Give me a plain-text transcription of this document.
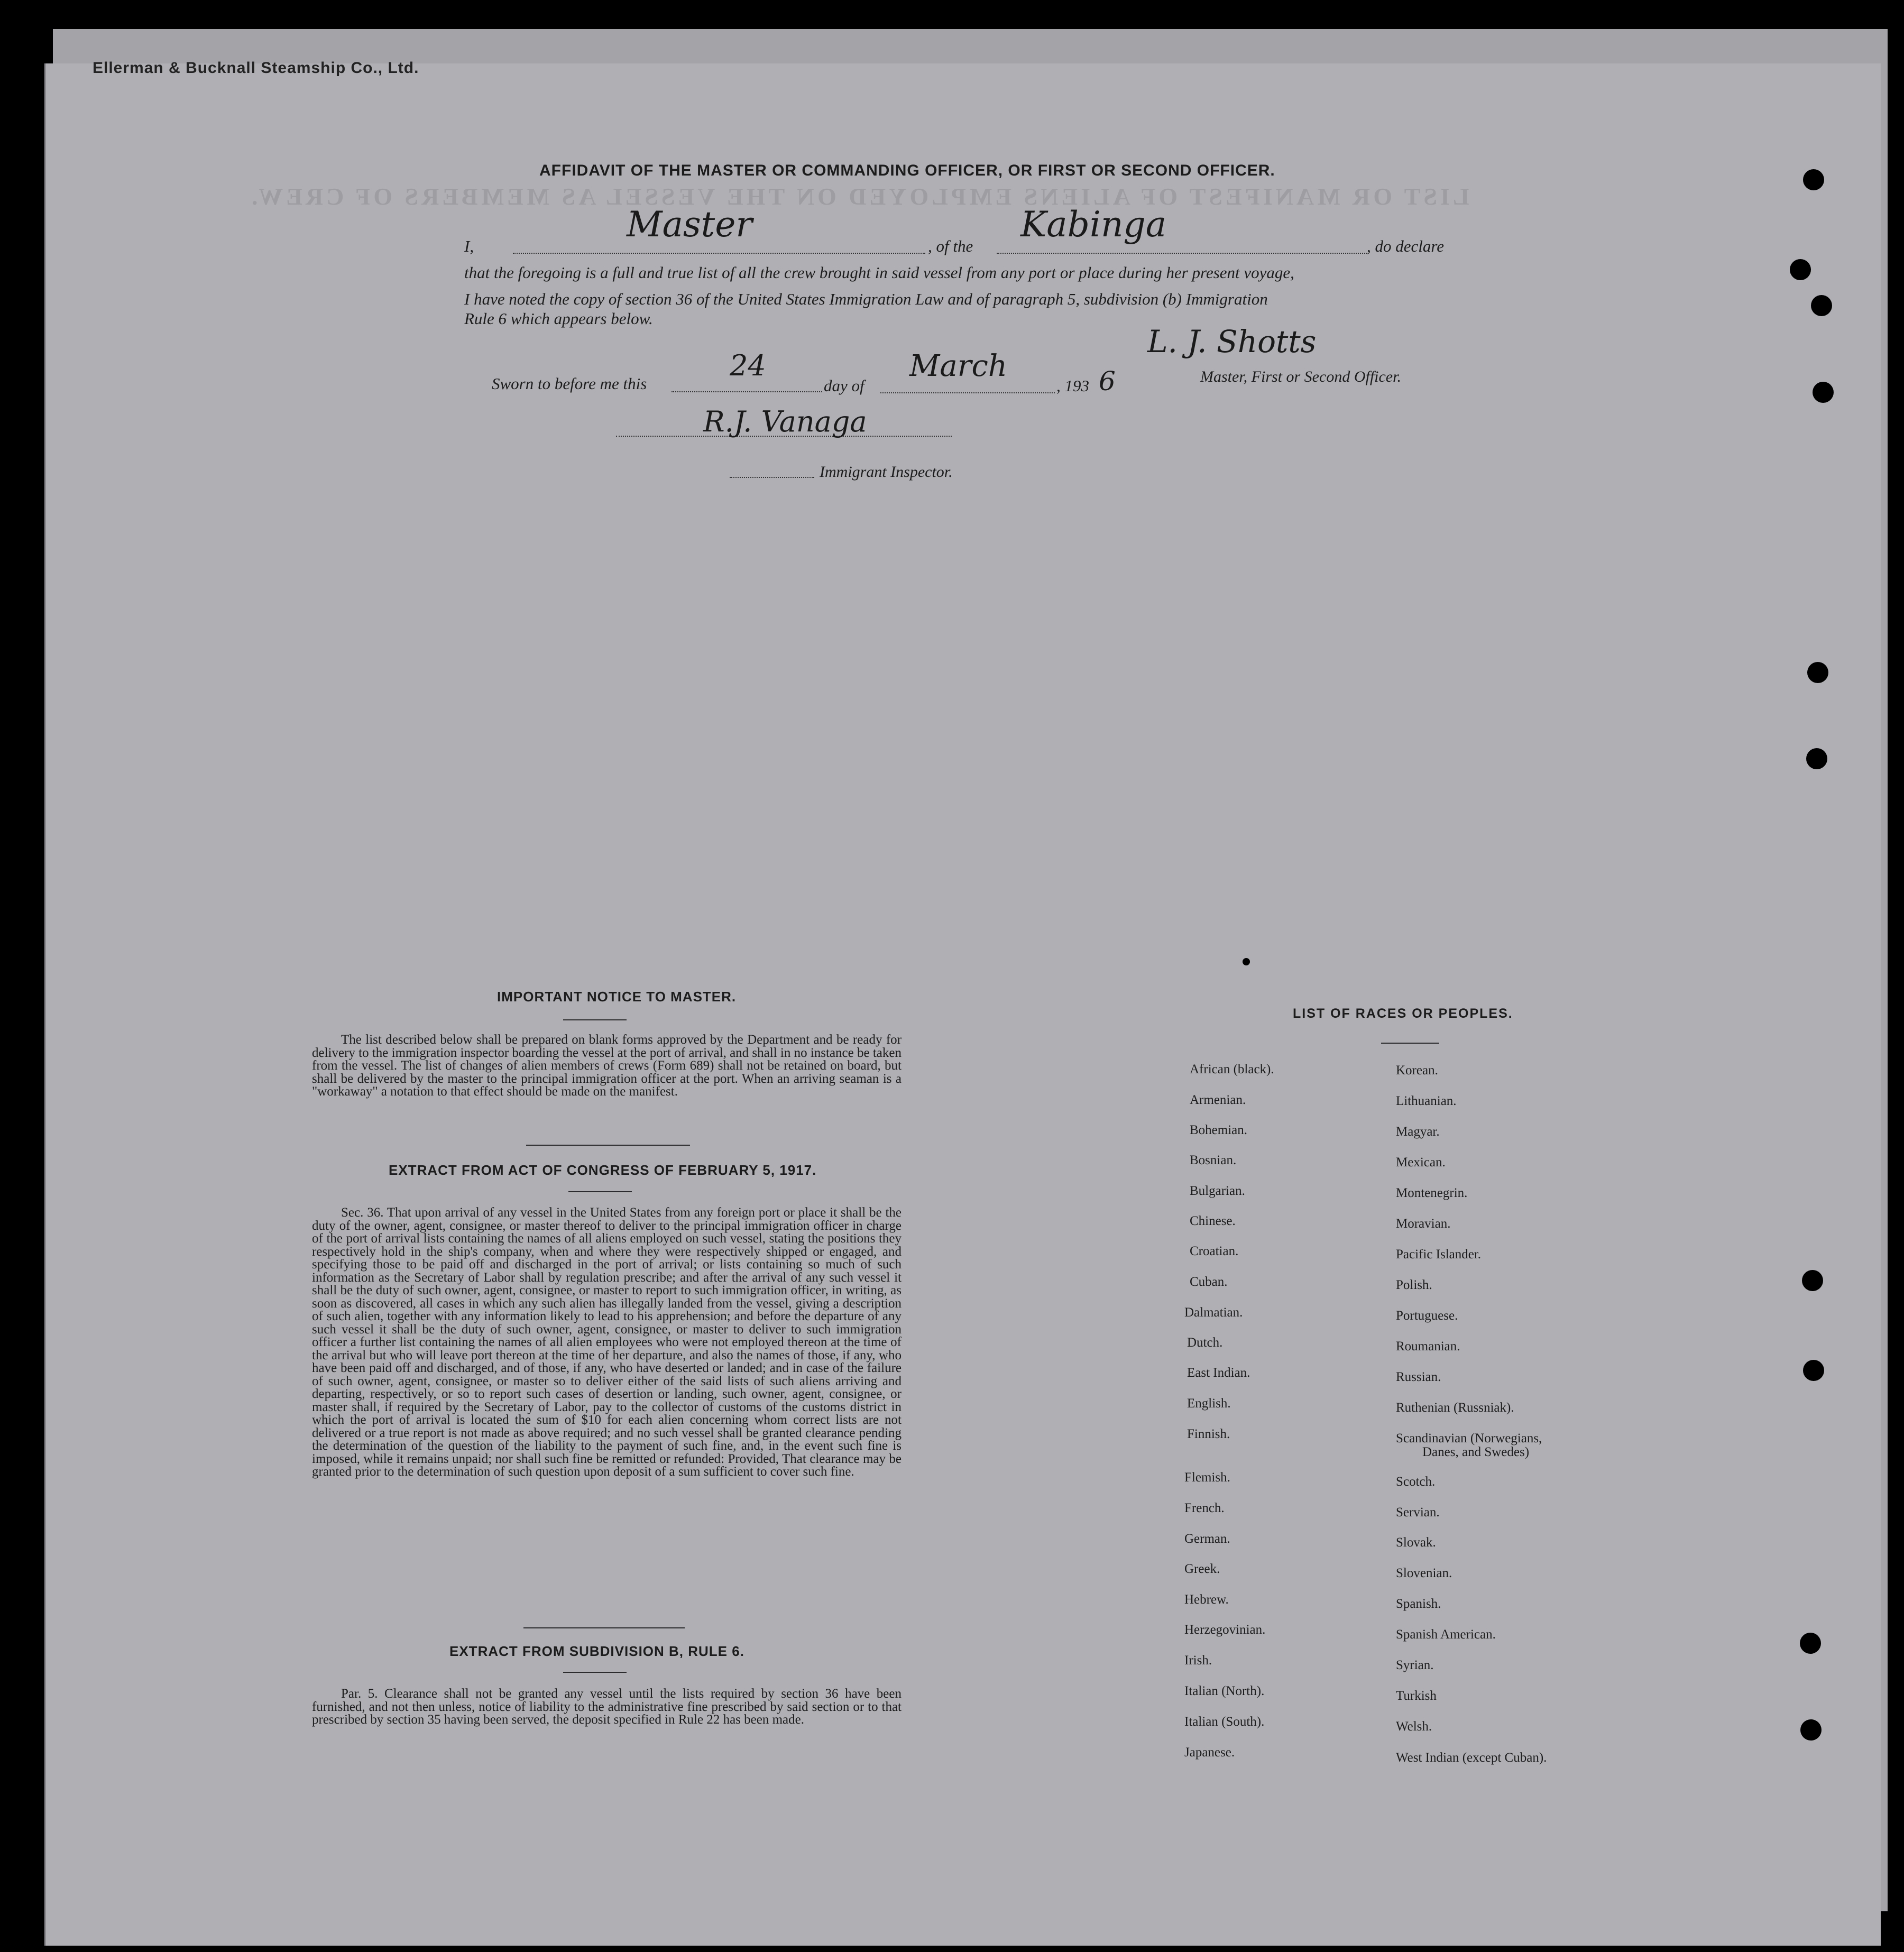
Ellerman & Bucknall Steamship Co., Ltd.
LIST OR MANIFEST OF ALIENS EMPLOYED ON THE VESSEL AS MEMBERS OF CREW.
AFFIDAVIT OF THE MASTER OR COMMANDING OFFICER, OR FIRST OR SECOND OFFICER.
I,
Master
, of the
Kabinga
, do declare
that the foregoing is a full and true list of all the crew brought in said vessel from any port or place during her present voyage,
I have noted the copy of section 36 of the United States Immigration Law and of paragraph 5, subdivision (b) Immigration
Rule 6 which appears below.
L. J. Shotts
Master, First or Second Officer.
Sworn to before me this
24
day of
March
, 193 6
R.J. Vanaga
Immigrant Inspector.
IMPORTANT NOTICE TO MASTER.
The list described below shall be prepared on blank forms approved by the Department and be ready for delivery to the immigration inspector boarding the vessel at the port of arrival, and shall in no instance be taken from the vessel. The list of changes of alien members of crews (Form 689) shall not be retained on board, but shall be delivered by the master to the principal immigration officer at the port. When an arriving seaman is a "workaway" a notation to that effect should be made on the manifest.
EXTRACT FROM ACT OF CONGRESS OF FEBRUARY 5, 1917.
Sec. 36. That upon arrival of any vessel in the United States from any foreign port or place it shall be the duty of the owner, agent, consignee, or master thereof to deliver to the principal immigration officer in charge of the port of arrival lists containing the names of all aliens employed on such vessel, stating the positions they respectively hold in the ship's company, when and where they were respectively shipped or engaged, and specifying those to be paid off and discharged in the port of arrival; or lists containing so much of such information as the Secretary of Labor shall by regulation prescribe; and after the arrival of any such vessel it shall be the duty of such owner, agent, consignee, or master to report to such immigration officer, in writing, as soon as discovered, all cases in which any such alien has illegally landed from the vessel, giving a description of such alien, together with any information likely to lead to his apprehension; and before the departure of any such vessel it shall be the duty of such owner, agent, consignee, or master to deliver to such immigration officer a further list containing the names of all alien employees who were not employed thereon at the time of the arrival but who will leave port thereon at the time of her departure, and also the names of those, if any, who have been paid off and discharged, and of those, if any, who have deserted or landed; and in case of the failure of such owner, agent, consignee, or master so to deliver either of the said lists of such aliens arriving and departing, respectively, or so to report such cases of desertion or landing, such owner, agent, consignee, or master shall, if required by the Secretary of Labor, pay to the collector of customs of the customs district in which the port of arrival is located the sum of $10 for each alien concerning whom correct lists are not delivered or a true report is not made as above required; and no such vessel shall be granted clearance pending the determination of the question of the liability to the payment of such fine, and, in the event such fine is imposed, while it remains unpaid; nor shall such fine be remitted or refunded: Provided, That clearance may be granted prior to the determination of such question upon deposit of a sum sufficient to cover such fine.
EXTRACT FROM SUBDIVISION B, RULE 6.
Par. 5. Clearance shall not be granted any vessel until the lists required by section 36 have been furnished, and not then unless, notice of liability to the administrative fine prescribed by said section or to that prescribed by section 35 having been served, the deposit specified in Rule 22 has been made.
LIST OF RACES OR PEOPLES.
African (black).
Armenian.
Bohemian.
Bosnian.
Bulgarian.
Chinese.
Croatian.
Cuban.
Dalmatian.
Dutch.
East Indian.
English.
Finnish.
Flemish.
French.
German.
Greek.
Hebrew.
Herzegovinian.
Irish.
Italian (North).
Italian (South).
Japanese.
Korean.
Lithuanian.
Magyar.
Mexican.
Montenegrin.
Moravian.
Pacific Islander.
Polish.
Portuguese.
Roumanian.
Russian.
Ruthenian (Russniak).
Scandinavian (Norwegians,
Danes, and Swedes)
Scotch.
Servian.
Slovak.
Slovenian.
Spanish.
Spanish American.
Syrian.
Turkish
Welsh.
West Indian (except Cuban).
F
F
